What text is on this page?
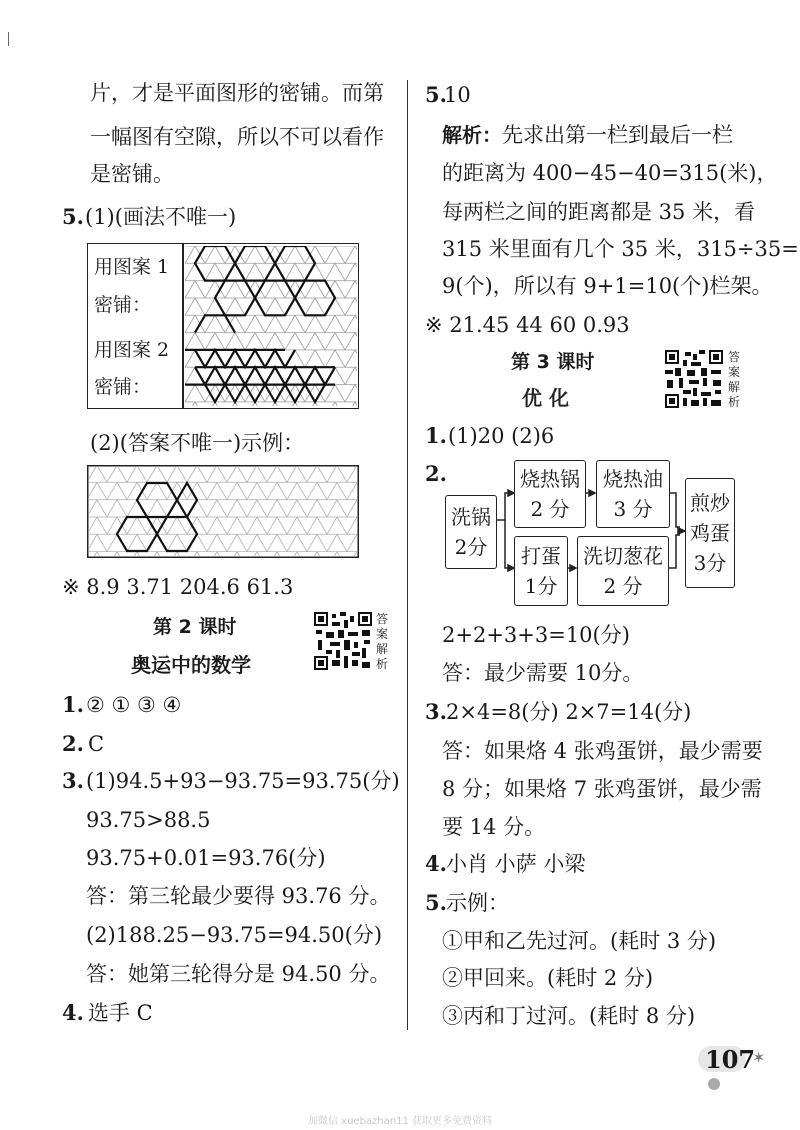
片，才是平面图形的密铺。而第
一幅图有空隙，所以不可以看作
是密铺。
5. (1)(画法不唯一)
用图案 1
密铺：
用图案 2
密铺：
(2)(答案不唯一)示例：
※ 8.9 3.71 204.6 61.3
第 2 课时
奥运中的数学
答
案
解
析
1. ② ① ③ ④
2. C
3. (1)94.5+93−93.75=93.75(分)
93.75>88.5
93.75+0.01=93.76(分)
答：第三轮最少要得 93.76 分。
(2)188.25−93.75=94.50(分)
答：她第三轮得分是 94.50 分。
4. 选手 C
5.
10
解析： 先求出第一栏到最后一栏
的距离为 400−45−40=315(米)，
每两栏之间的距离都是 35 米，看
315 米里面有几个 35 米，315÷35=
9(个)，所以有 9+1=10(个)栏架。
※ 21.45 44 60 0.93
第 3 课时
优 化
答
案
解
析
1. (1)20 (2)6
2.
洗锅
2分
烧热锅
2 分
烧热油
3 分
打蛋
1分
洗切葱花
2 分
煎炒
鸡蛋
3分
2+2+3+3=10(分)
答：最少需要 10分。
3. 2×4=8(分) 2×7=14(分)
答：如果烙 4 张鸡蛋饼，最少需要
8 分；如果烙 7 张鸡蛋饼，最少需
要 14 分。
4. 小肖 小萨 小梁
5. 示例：
①甲和乙先过河。(耗时 3 分)
②甲回来。(耗时 2 分)
③丙和丁过河。(耗时 8 分)
107
✶
加微信 xuebazhan11 获取更多免费资料
